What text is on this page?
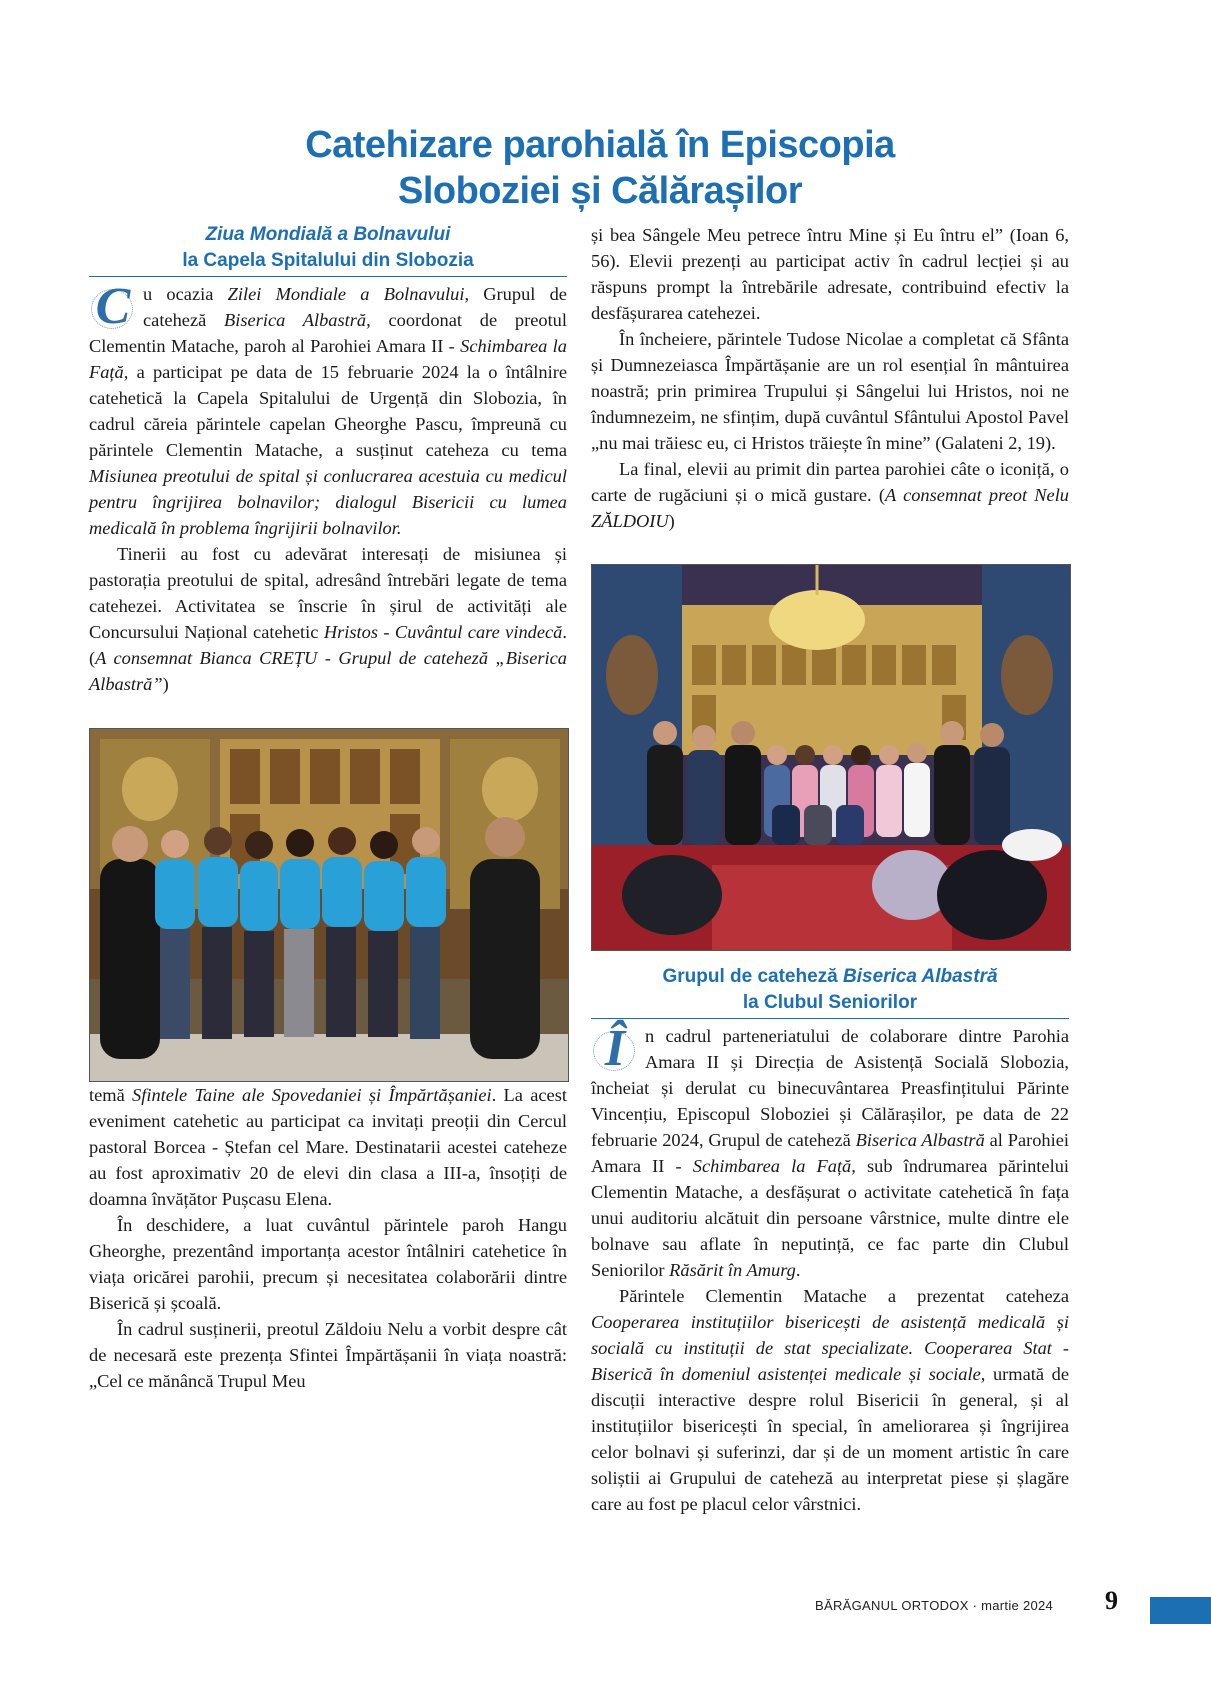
Catehizare parohială în Episcopia
Sloboziei și Călărașilor
Ziua Mondială a Bolnavului
la Capela Spitalului din Slobozia

Cu ocazia Zilei Mondiale a Bolnavului, Grupul de cateheză Biserica Albastră, coordonat de preotul Clementin Matache, paroh al Parohiei Amara II - Schimbarea la Față, a participat pe data de 15 februarie 2024 la o întâlnire catehetică la Capela Spitalului de Urgență din Slobozia, în cadrul căreia părintele capelan Gheorghe Pascu, împreună cu părintele Clementin Matache, a susținut cateheza cu tema Misiunea preotului de spital și conlucrarea acestuia cu medicul pentru îngrijirea bolnavilor; dialogul Bisericii cu lumea medicală în problema îngrijirii bolnavilor.

Tinerii au fost cu adevărat interesați de misiunea și pastorația preotului de spital, adresând întrebări legate de tema catehezei. Activitatea se înscrie în șirul de activități ale Concursului Național catehetic Hristos - Cuvântul care vindecă. (A consemnat Bianca CREȚU - Grupul de cateheză „Biserica Albastră”)

temă Sfintele Taine ale Spovedaniei și Împărtășaniei. La acest eveniment catehetic au participat ca invitați preoții din Cercul pastoral Borcea - Ștefan cel Mare. Destinatarii acestei cateheze au fost aproximativ 20 de elevi din clasa a III-a, însoțiți de doamna învățător Pușcasu Elena.

În deschidere, a luat cuvântul părintele paroh Hangu Gheorghe, prezentând importanța acestor întâlniri catehetice în viața oricărei parohii, precum și necesitatea colaborării dintre Biserică și școală.

În cadrul susținerii, preotul Zăldoiu Nelu a vorbit despre cât de necesară este prezența Sfintei Împărtășanii în viața noastră: „Cel ce mănâncă Trupul Meu

și bea Sângele Meu petrece întru Mine și Eu întru el” (Ioan 6, 56). Elevii prezenți au participat activ în cadrul lecției și au răspuns prompt la întrebările adresate, contribuind efectiv la desfășurarea catehezei.

În încheiere, părintele Tudose Nicolae a completat că Sfânta și Dumnezeiasca Împărtășanie are un rol esențial în mântuirea noastră; prin primirea Trupului și Sângelui lui Hristos, noi ne îndumnezeim, ne sfințim, după cuvântul Sfântului Apostol Pavel „nu mai trăiesc eu, ci Hristos trăiește în mine” (Galateni 2, 19).

La final, elevii au primit din partea parohiei câte o iconiță, o carte de rugăciuni și o mică gustare. (A consemnat preot Nelu ZĂLDOIU)

Grupul de cateheză Biserica Albastră
la Clubul Seniorilor

Î	n cadrul parteneriatului de colaborare dintre Parohia Amara II și Direcția de Asistență Socială Slobozia, încheiat și derulat cu binecuvântarea Preasfințitului Părinte Vincențiu, Episcopul Sloboziei și Călărașilor, pe data de 22 februarie 2024, Grupul de cateheză Biserica Albastră al Parohiei Amara II - Schimbarea la Față, sub îndrumarea părintelui Clementin Matache, a desfășurat o activitate catehetică în fața unui auditoriu alcătuit din persoane vârstnice, multe dintre ele bolnave sau aflate în neputință, ce fac parte din Clubul Seniorilor Răsărit în Amurg.

Părintele Clementin Matache a prezentat cateheza Cooperarea instituțiilor bisericești de asistență medicală și socială cu instituții de stat specializate. Cooperarea Stat - Biserică în domeniul asistenței medicale și sociale, urmată de discuții interactive despre rolul Bisericii în general, și al instituțiilor bisericești în special, în ameliorarea și îngrijirea celor bolnavi și suferinzi, dar și de un moment artistic în care soliștii ai Grupului de cateheză au interpretat piese și șlagăre care au fost pe placul celor vârstnici.

BĂRĂGANUL ORTODOX · martie 2024 9
